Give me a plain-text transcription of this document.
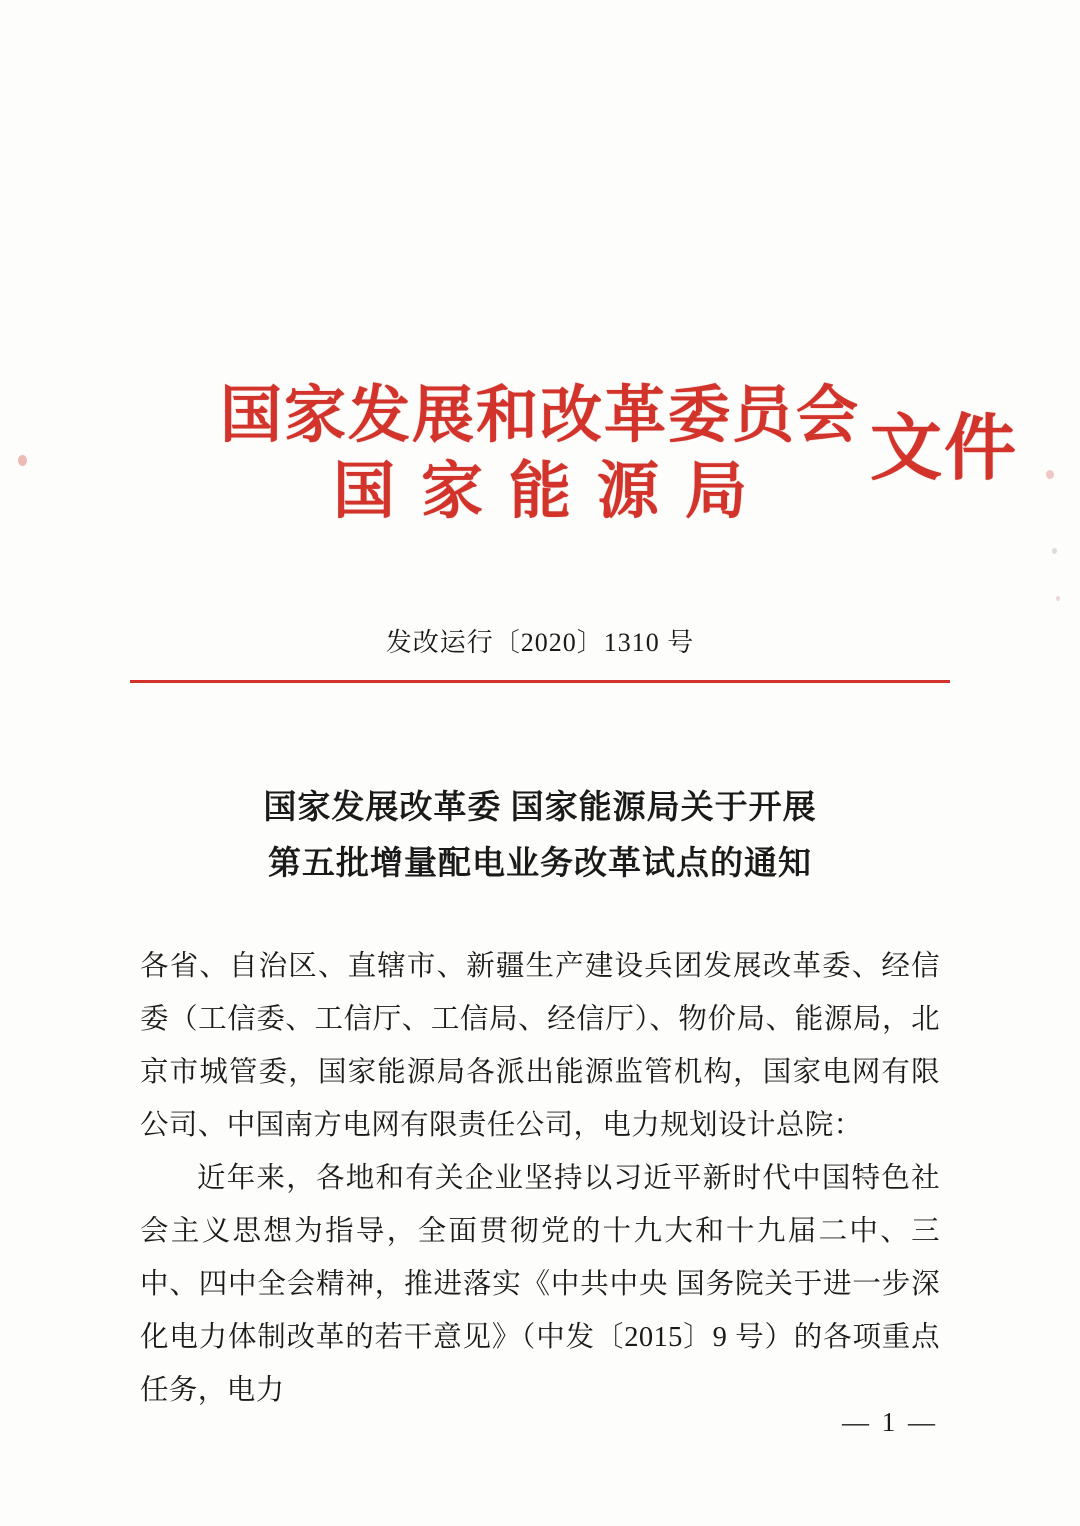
国家发展和改革委员会
国家能源局
文件
发改运行〔2020〕1310 号
国家发展改革委 国家能源局关于开展
第五批增量配电业务改革试点的通知

各省、自治区、直辖市、新疆生产建设兵团发展改革委、经信委（工信委、工信厅、工信局、经信厅）、物价局、能源局，北京市城管委，国家能源局各派出能源监管机构，国家电网有限公司、中国南方电网有限责任公司，电力规划设计总院：

近年来，各地和有关企业坚持以习近平新时代中国特色社会主义思想为指导，全面贯彻党的十九大和十九届二中、三中、四中全会精神，推进落实《中共中央 国务院关于进一步深化电力体制改革的若干意见》（中发〔2015〕9 号）的各项重点任务，电力

— 1 —
